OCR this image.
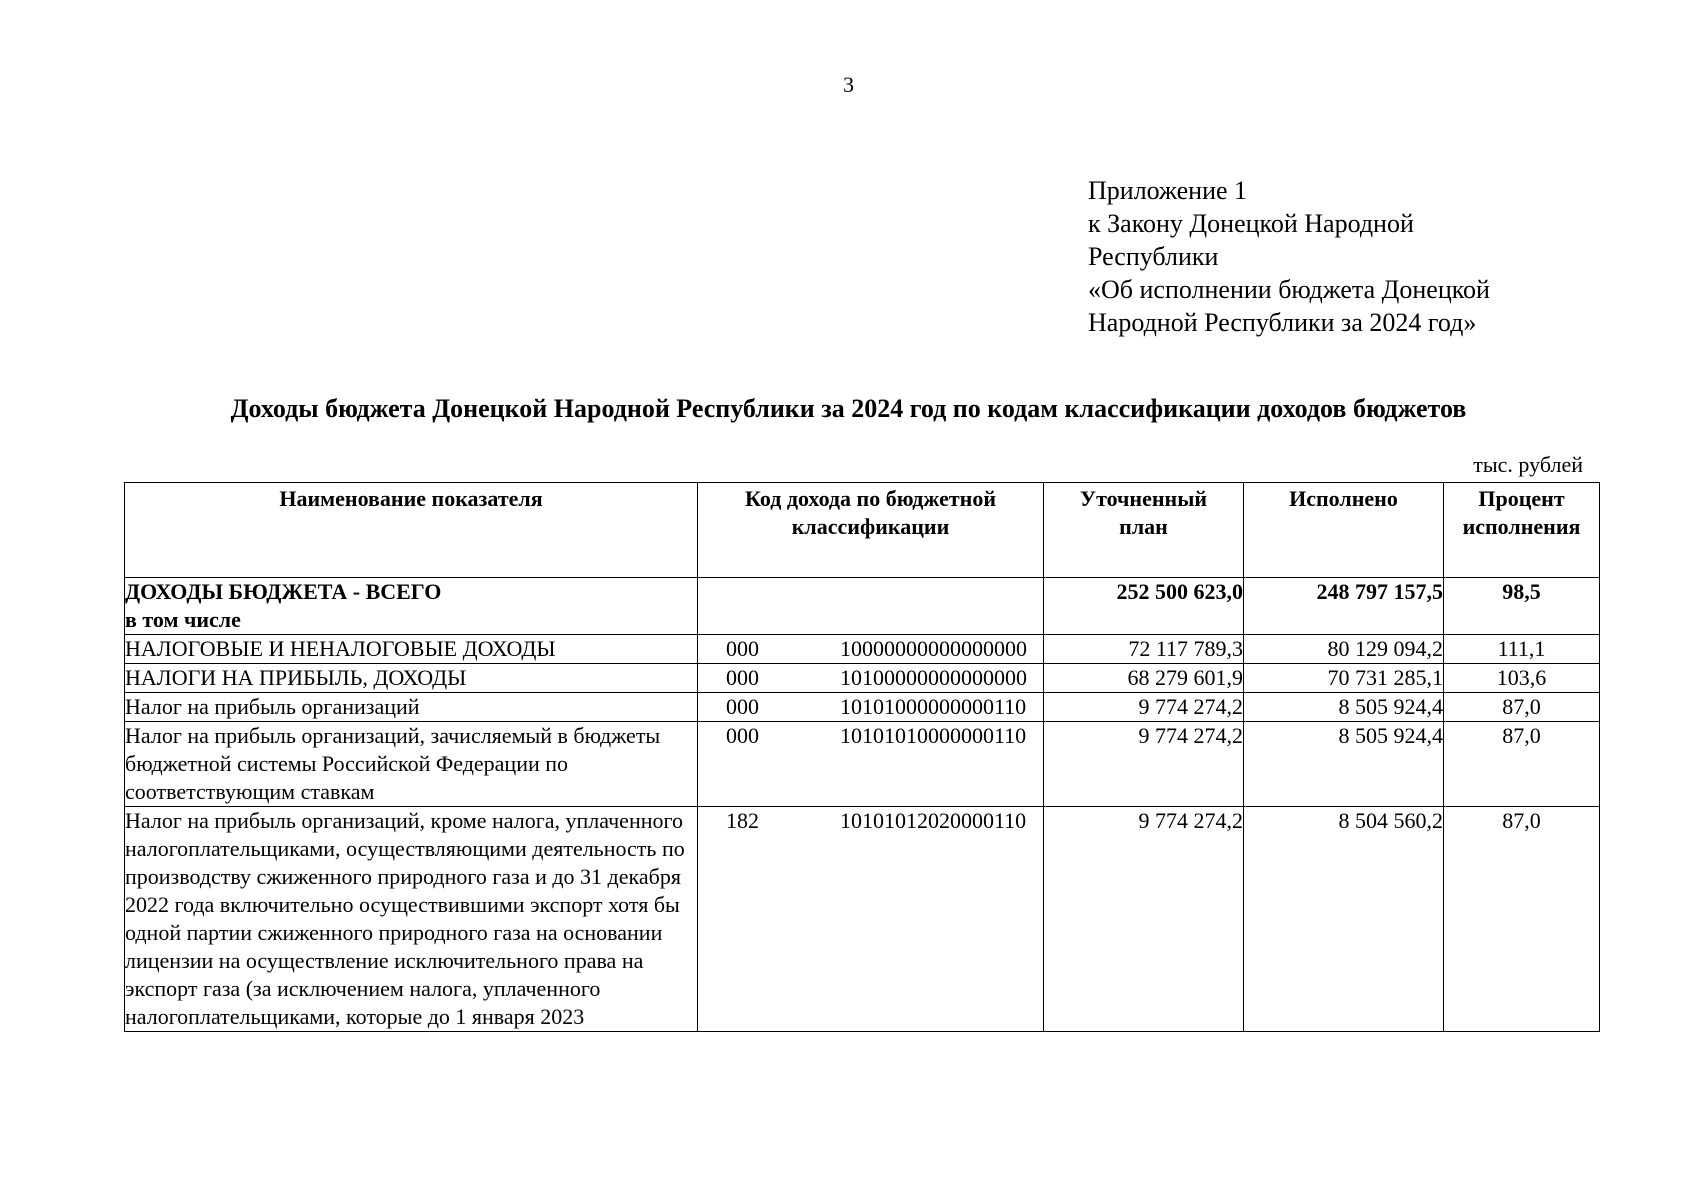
3
Приложение 1
к Закону Донецкой Народной
Республики
«Об исполнении бюджета Донецкой
Народной Республики за 2024 год»
Доходы бюджета Донецкой Народной Республики за 2024 год по кодам классификации доходов бюджетов
тыс. рублей
Наименование показателя	Код дохода по бюджетной классификации	Уточненный план	Исполнено	Процент исполнения

ДОХОДЫ БЮДЖЕТА - ВСЕГО
в том числе		252 500 623,0	248 797 157,5	98,5
НАЛОГОВЫЕ И НЕНАЛОГОВЫЕ ДОХОДЫ	000 10000000000000000	72 117 789,3	80 129 094,2	111,1
НАЛОГИ НА ПРИБЫЛЬ, ДОХОДЫ	000 10100000000000000	68 279 601,9	70 731 285,1	103,6
Налог на прибыль организаций	000 10101000000000110	9 774 274,2	8 505 924,4	87,0
Налог на прибыль организаций, зачисляемый в бюджеты бюджетной системы Российской Федерации по соответствующим ставкам	000 10101010000000110	9 774 274,2	8 505 924,4	87,0
Налог на прибыль организаций, кроме налога, уплаченного налогоплательщиками, осуществляющими деятельность по производству сжиженного природного газа и до 31 декабря 2022 года включительно осуществившими экспорт хотя бы одной партии сжиженного природного газа на основании лицензии на осуществление исключительного права на экспорт газа (за исключением налога, уплаченного налогоплательщиками, которые до 1 января 2023	182 10101012020000110	9 774 274,2	8 504 560,2	87,0
